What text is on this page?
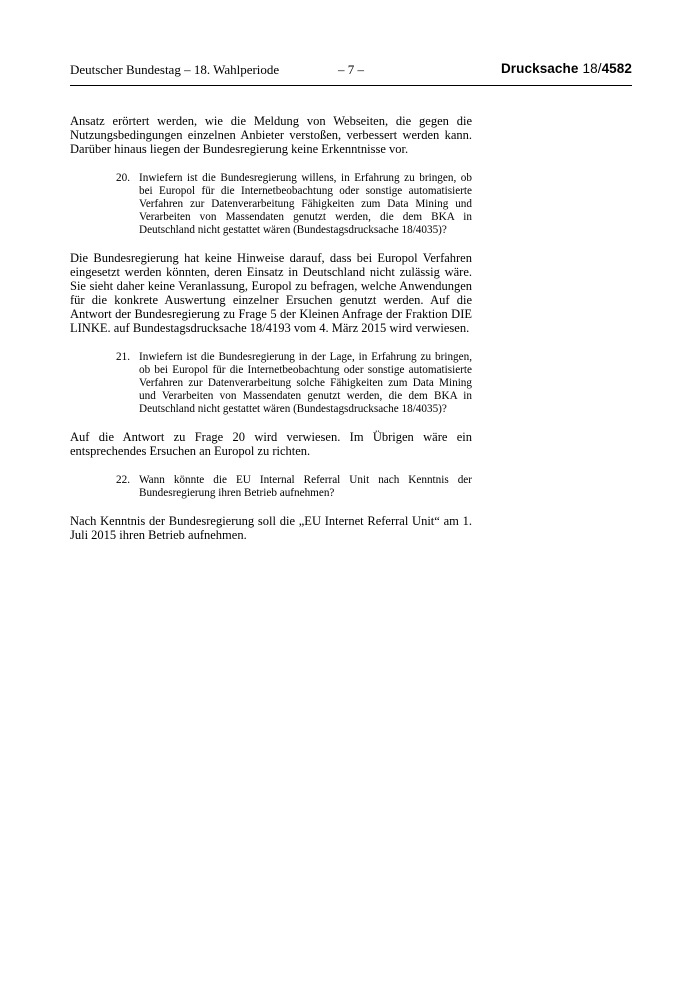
Deutscher Bundestag – 18. Wahlperiode	– 7 –	Drucksache 18/4582

Ansatz erörtert werden, wie die Meldung von Webseiten, die gegen die Nutzungsbedingungen einzelnen Anbieter verstoßen, verbessert werden kann. Darüber hinaus liegen der Bundesregierung keine Erkenntnisse vor.

20. Inwiefern ist die Bundesregierung willens, in Erfahrung zu bringen, ob bei Europol für die Internetbeobachtung oder sonstige automatisierte Verfahren zur Datenverarbeitung Fähigkeiten zum Data Mining und Verarbeiten von Massendaten genutzt werden, die dem BKA in Deutschland nicht gestattet wären (Bundestagsdrucksache 18/4035)?

Die Bundesregierung hat keine Hinweise darauf, dass bei Europol Verfahren eingesetzt werden könnten, deren Einsatz in Deutschland nicht zulässig wäre. Sie sieht daher keine Veranlassung, Europol zu befragen, welche Anwendungen für die konkrete Auswertung einzelner Ersuchen genutzt werden. Auf die Antwort der Bundesregierung zu Frage 5 der Kleinen Anfrage der Fraktion DIE LINKE. auf Bundestagsdrucksache 18/4193 vom 4. März 2015 wird verwiesen.

21. Inwiefern ist die Bundesregierung in der Lage, in Erfahrung zu bringen, ob bei Europol für die Internetbeobachtung oder sonstige automatisierte Verfahren zur Datenverarbeitung solche Fähigkeiten zum Data Mining und Verarbeiten von Massendaten genutzt werden, die dem BKA in Deutschland nicht gestattet wären (Bundestagsdrucksache 18/4035)?

Auf die Antwort zu Frage 20 wird verwiesen. Im Übrigen wäre ein entsprechendes Ersuchen an Europol zu richten.

22. Wann könnte die EU Internal Referral Unit nach Kenntnis der Bundesregierung ihren Betrieb aufnehmen?

Nach Kenntnis der Bundesregierung soll die „EU Internet Referral Unit“ am 1. Juli 2015 ihren Betrieb aufnehmen.
